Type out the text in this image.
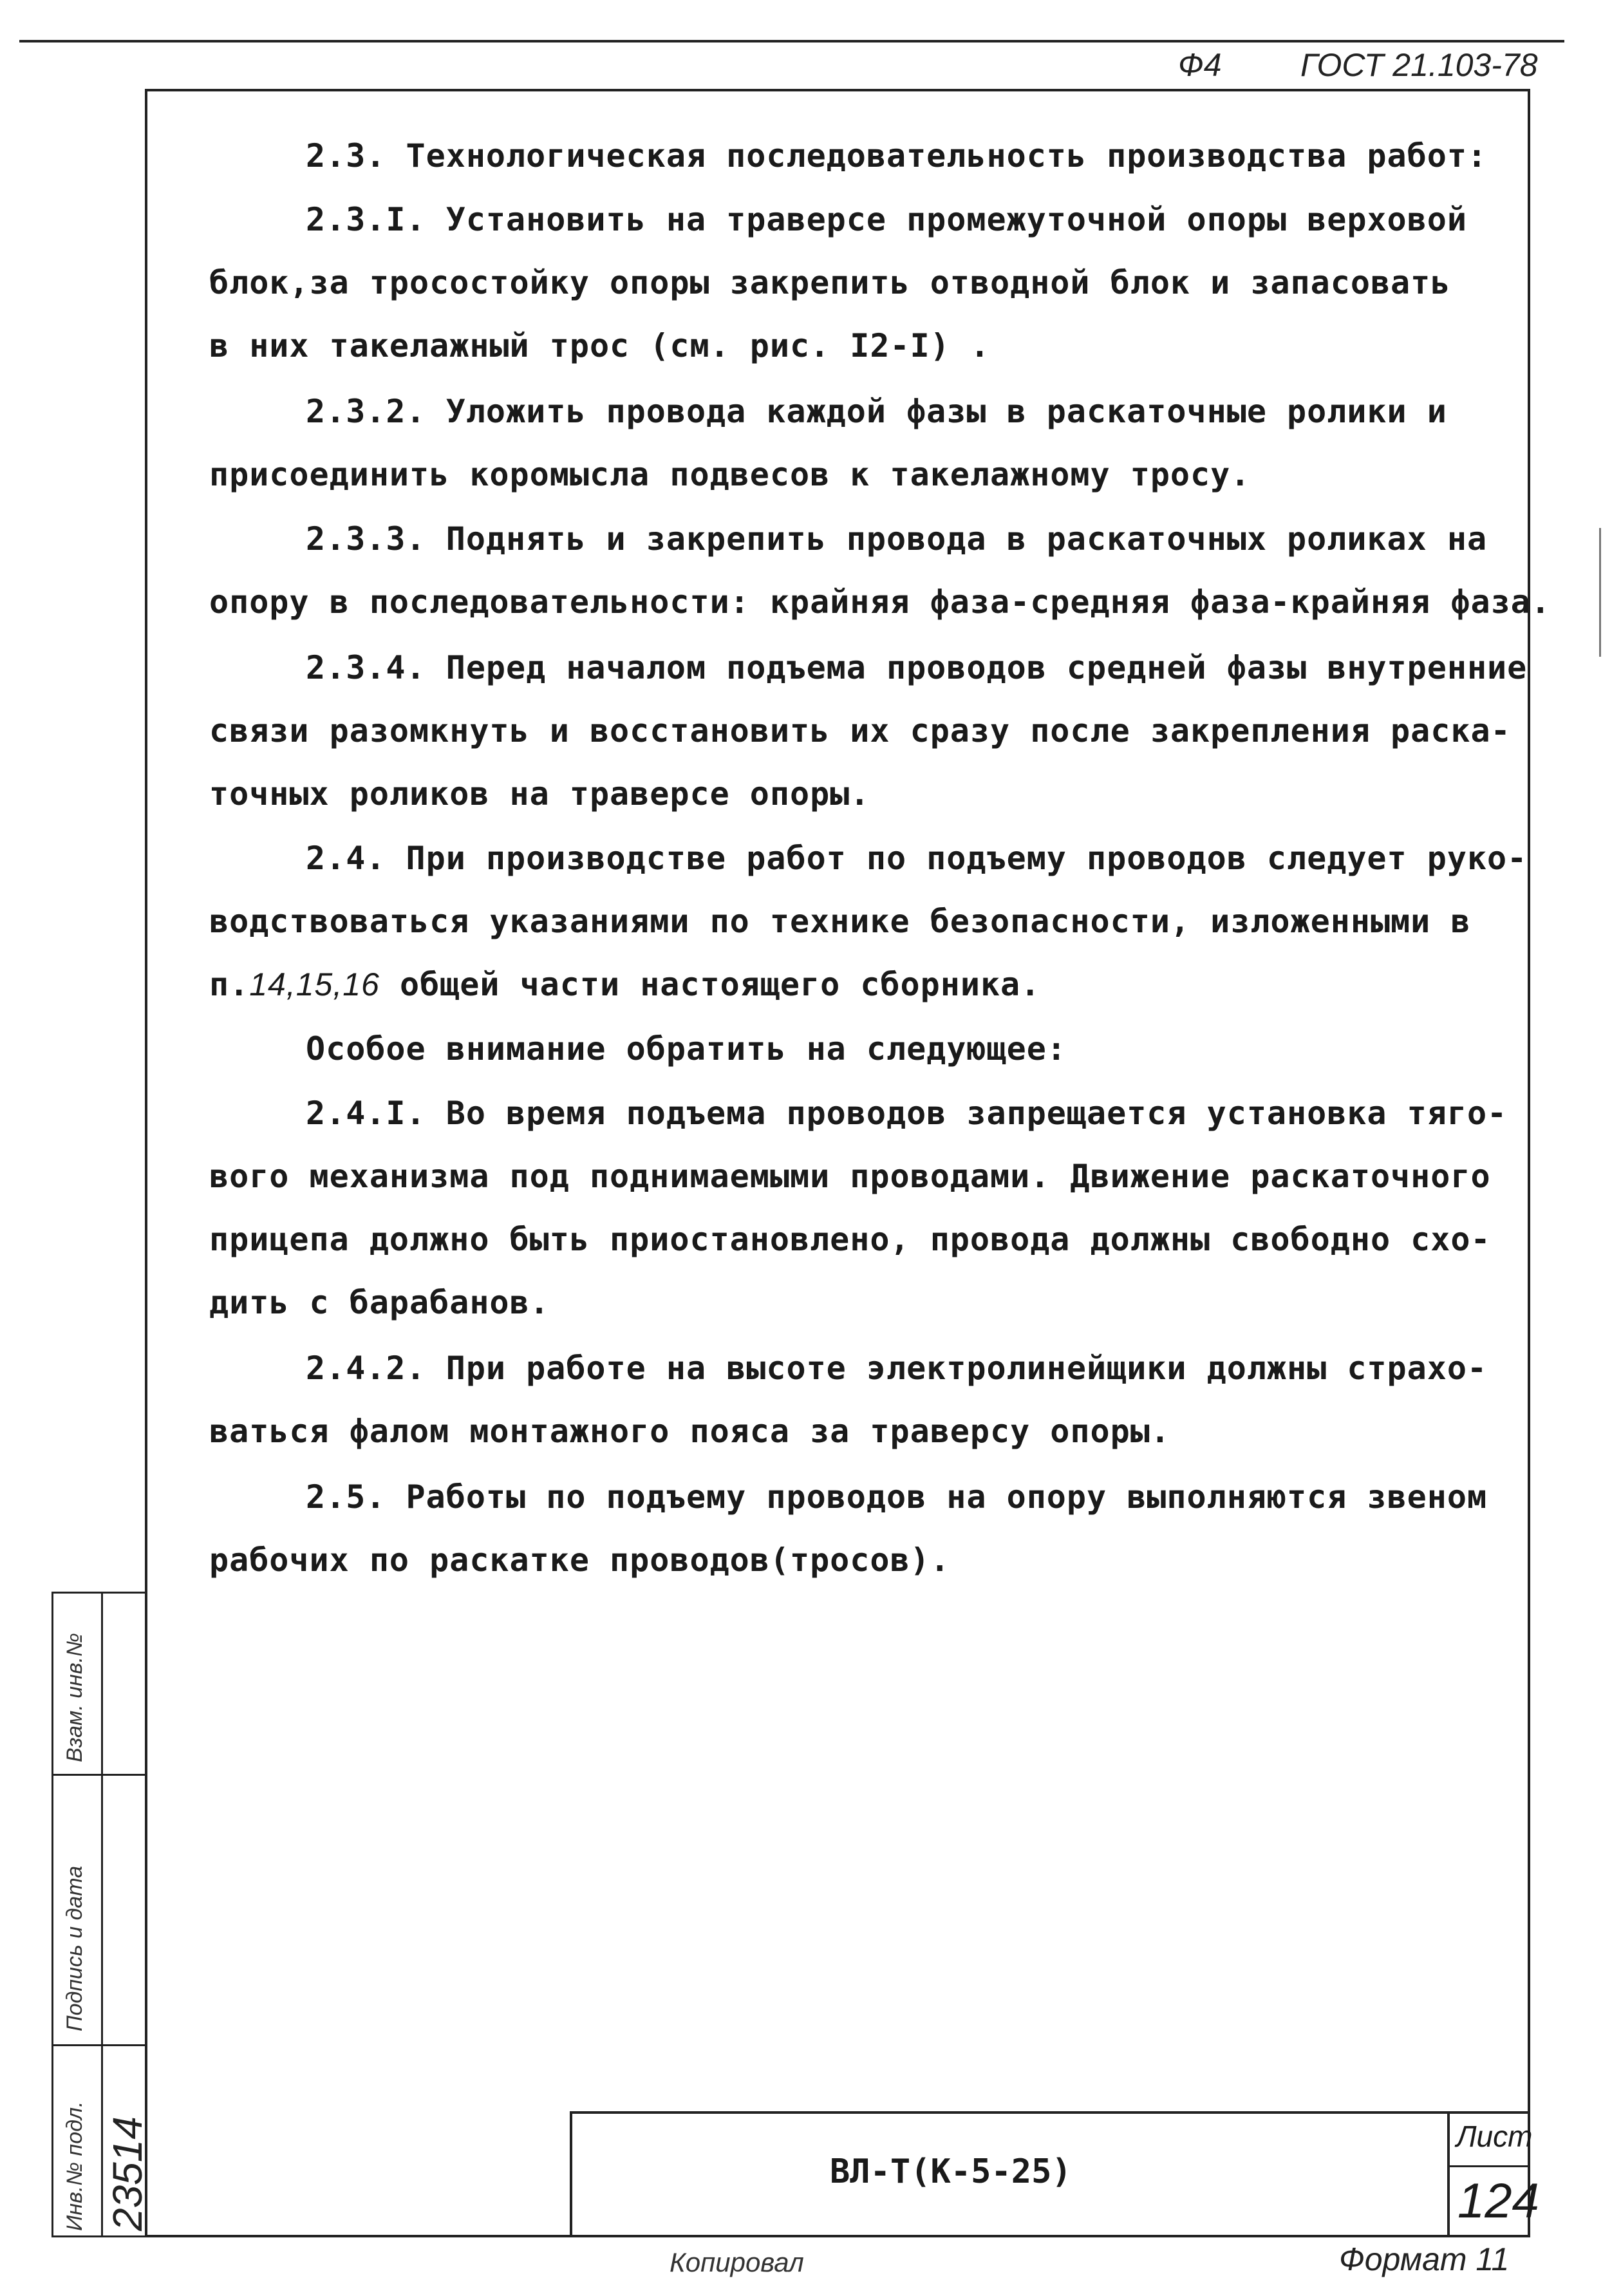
Ф4 ГОСТ 21.103-78
2.3. Технологическая последовательность производства работ:
2.3.I. Установить на траверсе промежуточной опоры верховой
блок,за тросостойку опоры закрепить отводной блок и запасовать
в них такелажный трос (см. рис. I2-I) .
2.3.2. Уложить провода каждой фазы в раскаточные ролики и
присоединить коромысла подвесов к такелажному тросу.
2.3.3. Поднять и закрепить провода в раскаточных роликах на
опору в последовательности: крайняя фаза-средняя фаза-крайняя фаза.
2.3.4. Перед началом подъема проводов средней фазы внутренние
связи разомкнуть и восстановить их сразу после закрепления раска-
точных роликов на траверсе опоры.
2.4. При производстве работ по подъему проводов следует руко-
водствоваться указаниями по технике безопасности, изложенными в
п.14,15,16 общей части настоящего сборника.
Особое внимание обратить на следующее:
2.4.I. Во время подъема проводов запрещается установка тяго-
вого механизма под поднимаемыми проводами. Движение раскаточного
прицепа должно быть приостановлено, провода должны свободно схо-
дить с барабанов.
2.4.2. При работе на высоте электролинейщики должны страхо-
ваться фалом монтажного пояса за траверсу опоры.
2.5. Работы по подъему проводов на опору выполняются звеном
рабочих по раскатке проводов(тросов).
Взам. инв.№
Подпись и дата
Инв.№ подл. 23514	ВЛ-Т(К-5-25)
Лист
124
Копировал	Формат 11
